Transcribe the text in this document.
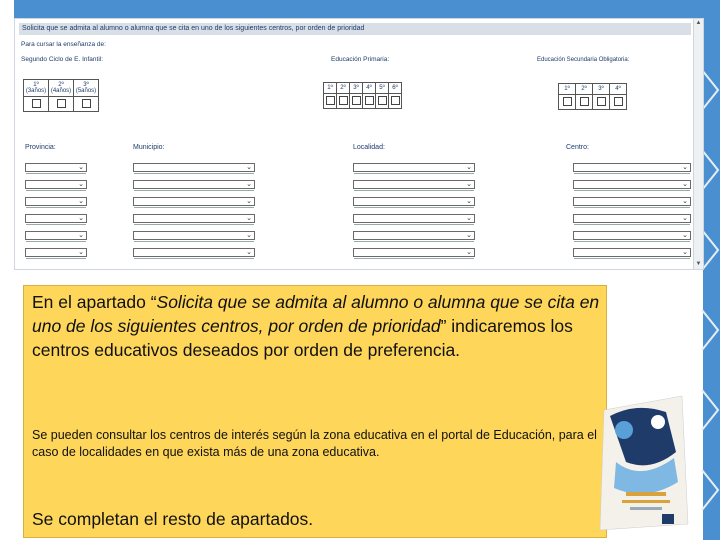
Solicita que se admita al alumno o alumna que se cita en uno de los siguientes centros, por orden de prioridad
▲
▼
Para cursar la enseñanza de:
Segundo Ciclo de E. Infantil:	Educación Primaria:	Educación Secundaria Obligatoria:
1º (3años)	2º (4años)	3º (5años)
			1º	2º	3º	4º	5º	6º
						1º	2º	3º	4º

Provincia:	Municipio:	Localidad:	Centro:
⌄	⌄	⌄	⌄
⌄	⌄	⌄	⌄
⌄	⌄	⌄	⌄
⌄	⌄	⌄	⌄
⌄	⌄	⌄	⌄
⌄	⌄	⌄	⌄
En el apartado “Solicita que se admita al alumno o alumna que se cita en uno de los siguientes centros, por orden de prioridad” indicaremos los centros educativos deseados por orden de preferencia.
Se pueden consultar los centros de interés según la zona educativa en el portal de Educación, para el caso de localidades en que exista más de una zona educativa.
Se completan el resto de apartados.
